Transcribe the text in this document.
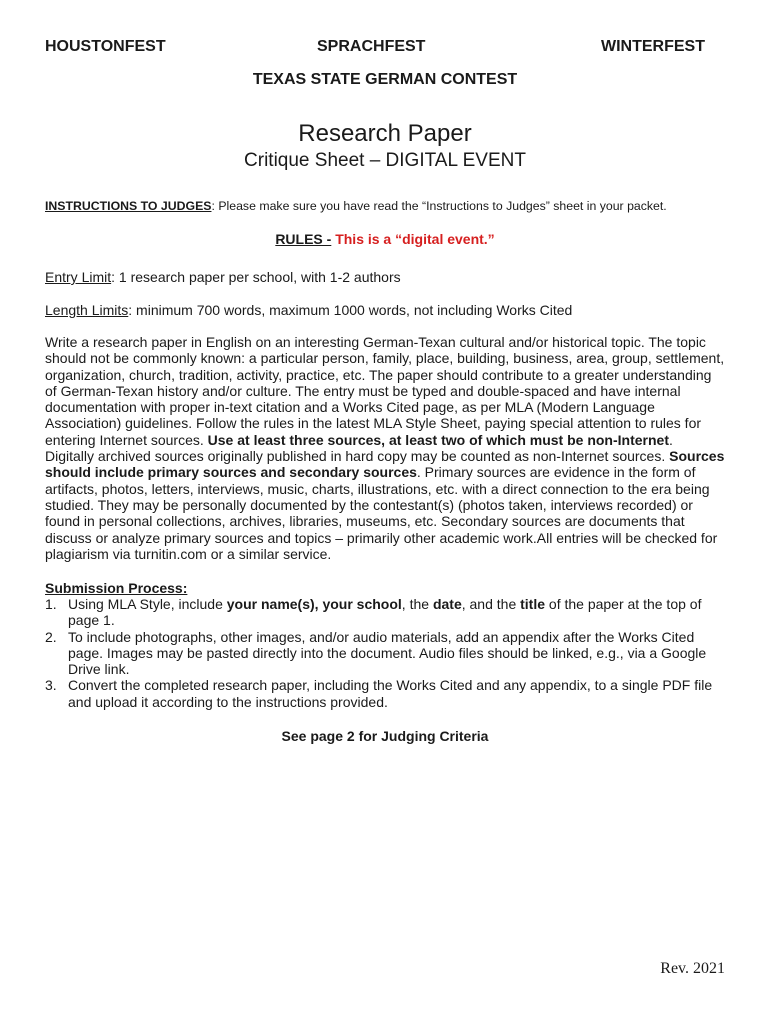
HOUSTONFEST	SPRACHFEST	WINTERFEST
TEXAS STATE GERMAN CONTEST
Research Paper
Critique Sheet – DIGITAL EVENT
INSTRUCTIONS TO JUDGES: Please make sure you have read the “Instructions to Judges” sheet in your packet.
RULES - This is a “digital event.”
Entry Limit: 1 research paper per school, with 1-2 authors
Length Limits: minimum 700 words, maximum 1000 words, not including Works Cited
Write a research paper in English on an interesting German-Texan cultural and/or historical topic. The topic should not be commonly known: a particular person, family, place, building, business, area, group, settlement, organization, church, tradition, activity, practice, etc. The paper should contribute to a greater understanding of German-Texan history and/or culture. The entry must be typed and double-spaced and have internal documentation with proper in-text citation and a Works Cited page, as per MLA (Modern Language Association) guidelines. Follow the rules in the latest MLA Style Sheet, paying special attention to rules for entering Internet sources. Use at least three sources, at least two of which must be non-Internet. Digitally archived sources originally published in hard copy may be counted as non-Internet sources. Sources should include primary sources and secondary sources. Primary sources are evidence in the form of artifacts, photos, letters, interviews, music, charts, illustrations, etc. with a direct connection to the era being studied. They may be personally documented by the contestant(s) (photos taken, interviews recorded) or found in personal collections, archives, libraries, museums, etc. Secondary sources are documents that discuss or analyze primary sources and topics – primarily other academic work.All entries will be checked for plagiarism via turnitin.com or a similar service.
Submission Process:
1. Using MLA Style, include your name(s), your school, the date, and the title of the paper at the top of page 1.
2. To include photographs, other images, and/or audio materials, add an appendix after the Works Cited page. Images may be pasted directly into the document. Audio files should be linked, e.g., via a Google Drive link.
3. Convert the completed research paper, including the Works Cited and any appendix, to a single PDF file and upload it according to the instructions provided.
See page 2 for Judging Criteria
Rev. 2021
